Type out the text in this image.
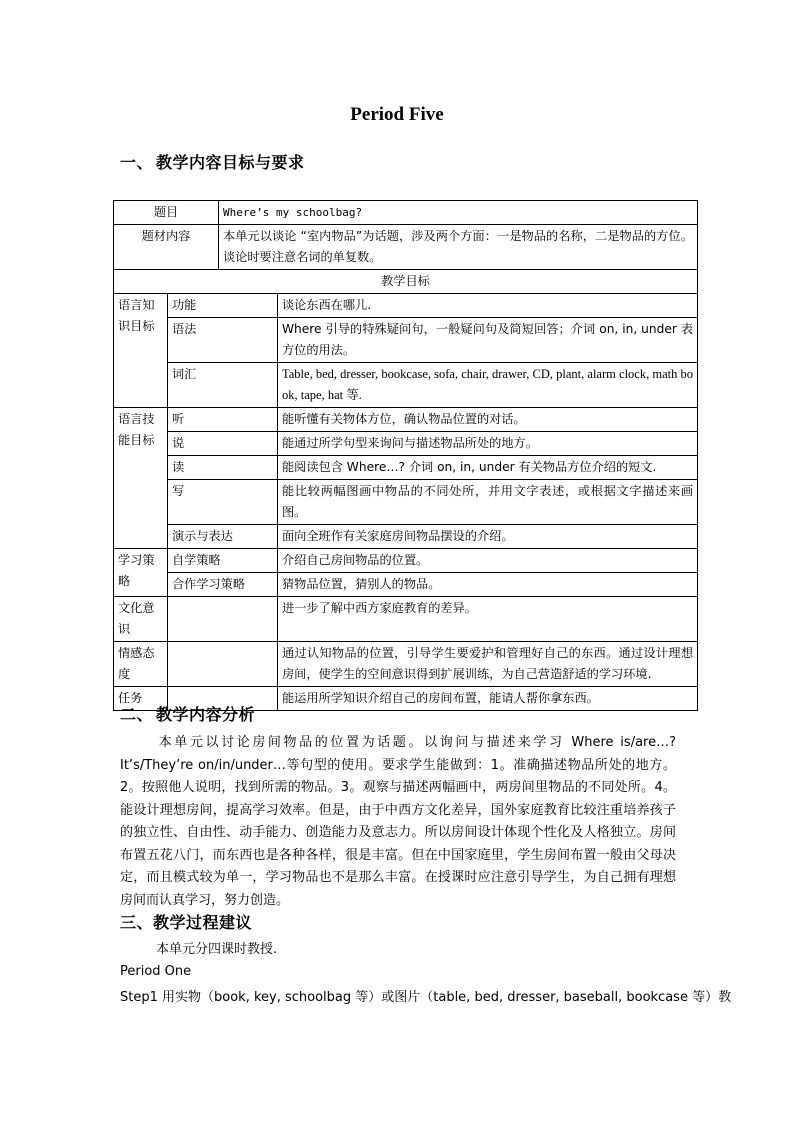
Period Five
一、 教学内容目标与要求
题目		Where’s my schoolbag?	
题材内容		本单元以谈论 “室内物品”为话题，涉及两个方面：一是物品的名称，二是物品的方位。谈论时要注意名词的单复数。	
教学目标			
语言知识目标	功能		谈论东西在哪儿.
	语法		Where 引导的特殊疑问句，一般疑问句及简短回答；介词 on, in, under 表方位的用法。
	词汇		Table, bed, dresser, bookcase, sofa, chair, drawer, CD, plant, alarm clock, math book, tape, hat 等.
语言技能目标	听		能听懂有关物体方位，确认物品位置的对话。
	说		能通过所学句型来询问与描述物品所处的地方。
	读		能阅读包含 Where…? 介词 on, in, under 有关物品方位介绍的短文.
	写		能比较两幅图画中物品的不同处所，并用文字表述，或根据文字描述来画图。
	演示与表达		面向全班作有关家庭房间物品摆设的介绍。
学习策略	自学策略		介绍自己房间物品的位置。
	合作学习策略		猜物品位置，猜别人的物品。
文化意识			进一步了解中西方家庭教育的差异。
情感态度			通过认知物品的位置，引导学生要爱护和管理好自己的东西。通过设计理想房间，使学生的空间意识得到扩展训练，为自己营造舒适的学习环境.
任务			能运用所学知识介绍自己的房间布置，能请人帮你拿东西。
二、 教学内容分析
本单元以讨论房间物品的位置为话题。以询问与描述来学习 Where is/are…? It’s/They’re on/in/under…等句型的使用。要求学生能做到：1。准确描述物品所处的地方。2。按照他人说明，找到所需的物品。3。观察与描述两幅画中，两房间里物品的不同处所。4。 能设计理想房间，提高学习效率。但是，由于中西方文化差异，国外家庭教育比较注重培养孩子的独立性、自由性、动手能力、创造能力及意志力。所以房间设计体现个性化及人格独立。房间布置五花八门，而东西也是各种各样，很是丰富。但在中国家庭里，学生房间布置一般由父母决定，而且模式较为单一，学习物品也不是那么丰富。在授课时应注意引导学生，为自己拥有理想房间而认真学习，努力创造。
三、教学过程建议
本单元分四课时教授.
Period One
Step1 用实物（book, key, schoolbag 等）或图片（table, bed, dresser, baseball, bookcase 等）教
